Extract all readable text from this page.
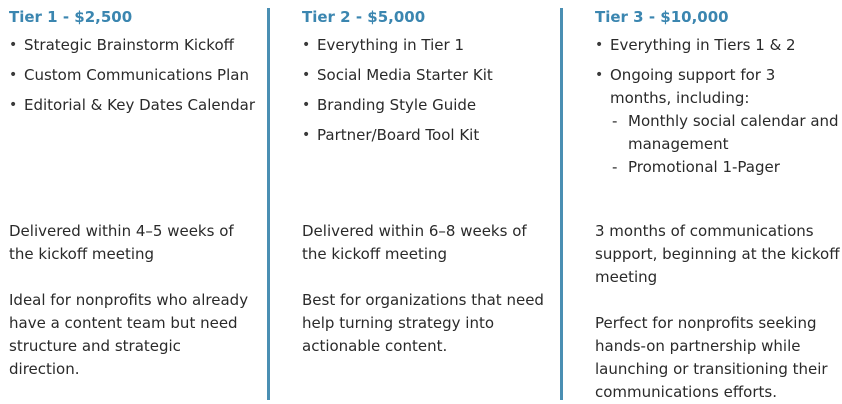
Tier 1 - $2,500
• Strategic Brainstorm Kickoff
• Custom Communications Plan
• Editorial & Key Dates Calendar

Delivered within 4–5 weeks of the kickoff meeting

Ideal for nonprofits who already have a content team but need structure and strategic direction.

Tier 2 - $5,000
• Everything in Tier 1
• Social Media Starter Kit
• Branding Style Guide
• Partner/Board Tool Kit

Delivered within 6–8 weeks of the kickoff meeting

Best for organizations that need help turning strategy into actionable content.

Tier 3 - $10,000
• Everything in Tiers 1 & 2
• Ongoing support for 3 months, including:
- Monthly social calendar and management
- Promotional 1-Pager

3 months of communications support, beginning at the kickoff meeting

Perfect for nonprofits seeking hands-on partnership while launching or transitioning their communications efforts.
